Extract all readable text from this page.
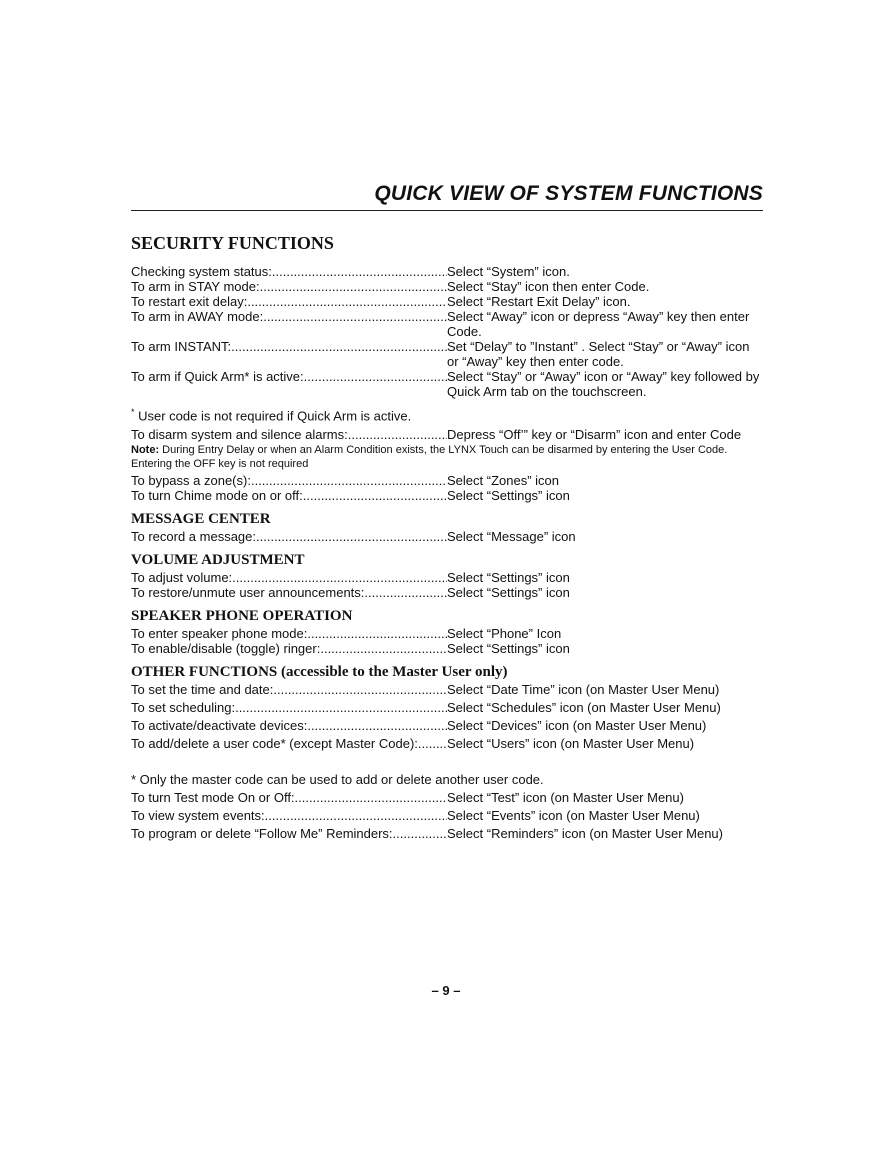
QUICK VIEW OF SYSTEM FUNCTIONS
SECURITY FUNCTIONS
Checking system status: .....	Select “System” icon.
To arm in STAY mode: .....	Select “Stay” icon then enter Code.
To restart exit delay: .....	Select “Restart Exit Delay” icon.
To arm in AWAY mode: .....	Select “Away” icon or depress “Away” key then enter Code.
To arm INSTANT: .....	Set “Delay” to ”Instant” . Select “Stay” or “Away” icon or “Away” key then enter code.
To arm if Quick Arm* is active: .....	Select “Stay” or “Away” icon or “Away” key followed by Quick Arm tab on the touchscreen.
* User code is not required if Quick Arm is active.
To disarm system and silence alarms: .....	Depress “Off’” key or “Disarm” icon and enter Code
Note: During Entry Delay or when an Alarm Condition exists, the LYNX Touch can be disarmed by entering the User Code. Entering the OFF key is not required
To bypass a zone(s): .....	Select “Zones” icon
To turn Chime mode on or off: .....	Select “Settings” icon
MESSAGE CENTER
To record a message: .....	Select “Message” icon
VOLUME ADJUSTMENT
To adjust volume: .....	Select “Settings” icon
To restore/unmute user announcements: .....	Select “Settings” icon
SPEAKER PHONE OPERATION
To enter speaker phone mode: .....	Select “Phone” Icon
To enable/disable (toggle) ringer: .....	Select “Settings” icon
OTHER FUNCTIONS (accessible to the Master User only)
To set the time and date: .....	Select “Date Time” icon (on Master User Menu)
To set scheduling: .....	Select “Schedules” icon (on Master User Menu)
To activate/deactivate devices: .....	Select “Devices” icon (on Master User Menu)
To add/delete a user code* (except Master Code): ..... Select “Users” icon (on Master User Menu)
* Only the master code can be used to add or delete another user code.
To turn Test mode On or Off: .....	Select “Test” icon (on Master User Menu)
To view system events: .....	Select “Events” icon (on Master User Menu)
To program or delete “Follow Me” Reminders: .....	Select “Reminders” icon (on Master User Menu)
– 9 –
